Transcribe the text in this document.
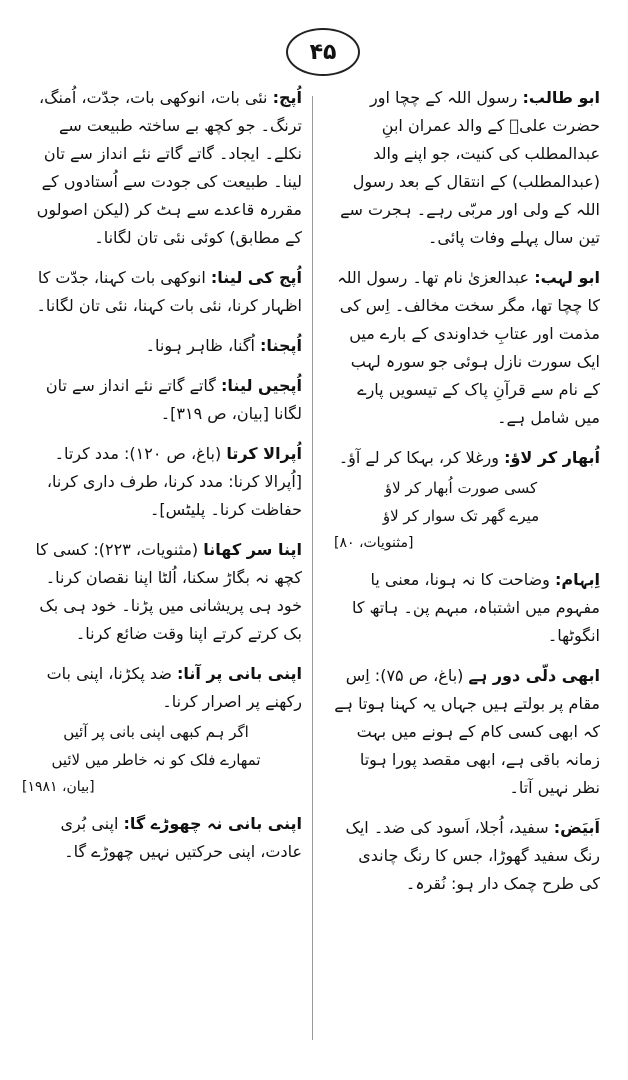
۴۵
ابو طالب: رسول اللہ کے چچا اور حضرت علیؑ کے والد عمران ابنِ عبدالمطلب کی کنیت، جو اپنے والد (عبدالمطلب) کے انتقال کے بعد رسول اللہ کے ولی اور مربّی رہے۔ ہجرت سے تین سال پہلے وفات پائی۔
ابو لہب: عبدالعزیٰ نام تھا۔ رسول اللہ کا چچا تھا، مگر سخت مخالف۔ اِس کی مذمت اور عتابِ خداوندی کے بارے میں ایک سورت نازل ہوئی جو سورہ لہب کے نام سے قرآنِ پاک کے تیسویں پارے میں شامل ہے۔
اُبھار کر لاؤ: ورغلا کر، بہکا کر لے آؤ۔
کسی صورت اُبھار کر لاؤ
میرے گھر تک سوار کر لاؤ
[مثنویات، ۸۰]
اِبہام: وضاحت کا نہ ہونا، معنی یا مفہوم میں اشتباہ، مبہم پن۔ ہاتھ کا انگوٹھا۔
ابھی دلّی دور ہے (باغ، ص ۷۵): اِس مقام پر بولتے ہیں جہاں یہ کہنا ہوتا ہے کہ ابھی کسی کام کے ہونے میں بہت زمانہ باقی ہے، ابھی مقصد پورا ہوتا نظر نہیں آتا۔
اَبیَض: سفید، اُجلا، اَسود کی ضد۔ ایک رنگ سفید گھوڑا، جس کا رنگ چاندی کی طرح چمک دار ہو: نُقرہ۔
اُپج: نئی بات، انوکھی بات، جدّت، اُمنگ، ترنگ۔ جو کچھ بے ساختہ طبیعت سے نکلے۔ ایجاد۔ گاتے گاتے نئے انداز سے تان لینا۔ طبیعت کی جودت سے اُستادوں کے مقررہ قاعدے سے ہٹ کر (لیکن اصولوں کے مطابق) کوئی نئی تان لگانا۔
اُپج کی لینا: انوکھی بات کہنا، جدّت کا اظہار کرنا، نئی بات کہنا، نئی تان لگانا۔
اُپجنا: اُگنا، ظاہر ہونا۔
اُپجیں لینا: گاتے گاتے نئے انداز سے تان لگانا [بیان، ص ۳۱۹]۔
اُپرالا کرتا (باغ، ص ۱۲۰): مدد کرتا۔ [اُپرالا کرنا: مدد کرنا، طرف داری کرنا، حفاظت کرنا۔ پلیٹس]۔
اپنا سر کھانا (مثنویات، ۲۲۳): کسی کا کچھ نہ بگاڑ سکنا، اُلٹا اپنا نقصان کرنا۔ خود ہی پریشانی میں پڑنا۔ خود ہی بک بک کرتے کرتے اپنا وقت ضائع کرنا۔
اپنی بانی پر آنا: ضد پکڑنا، اپنی بات رکھنے پر اصرار کرنا۔
اگر ہم کبھی اپنی بانی پر آئیں
تمھارے فلک کو نہ خاطر میں لائیں
[بیان، ۱۹۸۱]
اپنی بانی نہ چھوڑے گا: اپنی بُری عادت، اپنی حرکتیں نہیں چھوڑے گا۔
